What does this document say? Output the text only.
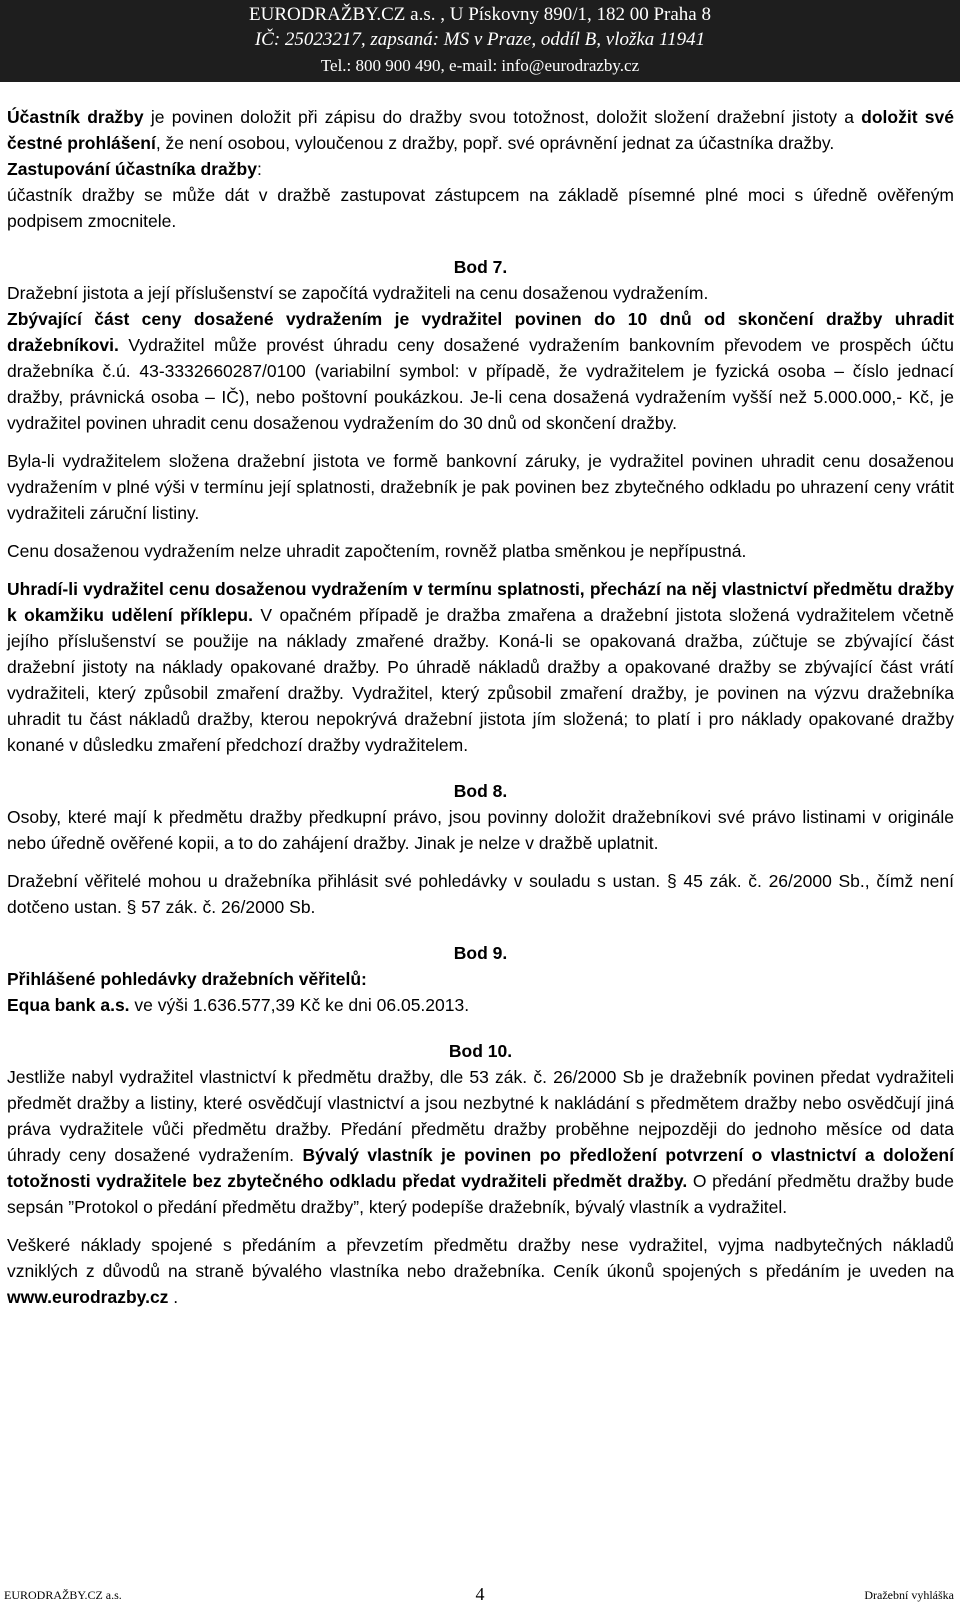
EURODRAŽBY.CZ a.s. , U Pískovny 890/1, 182 00 Praha 8
IČ: 25023217, zapsaná: MS v Praze, oddíl B, vložka 11941
Tel.: 800 900 490, e-mail: info@eurodrazby.cz

Účastník dražby je povinen doložit při zápisu do dražby svou totožnost, doložit složení dražební jistoty a doložit své čestné prohlášení, že není osobou, vyloučenou z dražby, popř. své oprávnění jednat za účastníka dražby.

Zastupování účastníka dražby:

účastník dražby se může dát v dražbě zastupovat zástupcem na základě písemné plné moci s úředně ověřeným podpisem zmocnitele.

Bod 7.

Dražební jistota a její příslušenství se započítá vydražiteli na cenu dosaženou vydražením.

Zbývající část ceny dosažené vydražením je vydražitel povinen do 10 dnů od skončení dražby uhradit dražebníkovi. Vydražitel může provést úhradu ceny dosažené vydražením bankovním převodem ve prospěch účtu dražebníka č.ú. 43-3332660287/0100 (variabilní symbol: v případě, že vydražitelem je fyzická osoba – číslo jednací dražby, právnická osoba – IČ), nebo poštovní poukázkou. Je-li cena dosažená vydražením vyšší než 5.000.000,- Kč, je vydražitel povinen uhradit cenu dosaženou vydražením do 30 dnů od skončení dražby.

Byla-li vydražitelem složena dražební jistota ve formě bankovní záruky, je vydražitel povinen uhradit cenu dosaženou vydražením v plné výši v termínu její splatnosti, dražebník je pak povinen bez zbytečného odkladu po uhrazení ceny vrátit vydražiteli záruční listiny.

Cenu dosaženou vydražením nelze uhradit započtením, rovněž platba směnkou je nepřípustná.

Uhradí-li vydražitel cenu dosaženou vydražením v termínu splatnosti, přechází na něj vlastnictví předmětu dražby k okamžiku udělení příklepu. V opačném případě je dražba zmařena a dražební jistota složená vydražitelem včetně jejího příslušenství se použije na náklady zmařené dražby. Koná-li se opakovaná dražba, zúčtuje se zbývající část dražební jistoty na náklady opakované dražby. Po úhradě nákladů dražby a opakované dražby se zbývající část vrátí vydražiteli, který způsobil zmaření dražby. Vydražitel, který způsobil zmaření dražby, je povinen na výzvu dražebníka uhradit tu část nákladů dražby, kterou nepokrývá dražební jistota jím složená; to platí i pro náklady opakované dražby konané v důsledku zmaření předchozí dražby vydražitelem.

Bod 8.

Osoby, které mají k předmětu dražby předkupní právo, jsou povinny doložit dražebníkovi své právo listinami v originále nebo úředně ověřené kopii, a to do zahájení dražby. Jinak je nelze v dražbě uplatnit.

Dražební věřitelé mohou u dražebníka přihlásit své pohledávky v souladu s ustan. § 45 zák. č. 26/2000 Sb., čímž není dotčeno ustan. § 57 zák. č. 26/2000 Sb.

Bod 9.

Přihlášené pohledávky dražebních věřitelů:

Equa bank a.s. ve výši 1.636.577,39 Kč ke dni 06.05.2013.

Bod 10.

Jestliže nabyl vydražitel vlastnictví k předmětu dražby, dle 53 zák. č. 26/2000 Sb je dražebník povinen předat vydražiteli předmět dražby a listiny, které osvědčují vlastnictví a jsou nezbytné k nakládání s předmětem dražby nebo osvědčují jiná práva vydražitele vůči předmětu dražby. Předání předmětu dražby proběhne nejpozději do jednoho měsíce od data úhrady ceny dosažené vydražením. Bývalý vlastník je povinen po předložení potvrzení o vlastnictví a doložení totožnosti vydražitele bez zbytečného odkladu předat vydražiteli předmět dražby. O předání předmětu dražby bude sepsán ”Protokol o předání předmětu dražby”, který podepíše dražebník, bývalý vlastník a vydražitel.

Veškeré náklady spojené s předáním a převzetím předmětu dražby nese vydražitel, vyjma nadbytečných nákladů vzniklých z důvodů na straně bývalého vlastníka nebo dražebníka. Ceník úkonů spojených s předáním je uveden na www.eurodrazby.cz .

EURODRAŽBY.CZ a.s.	4	Dražební vyhláška
